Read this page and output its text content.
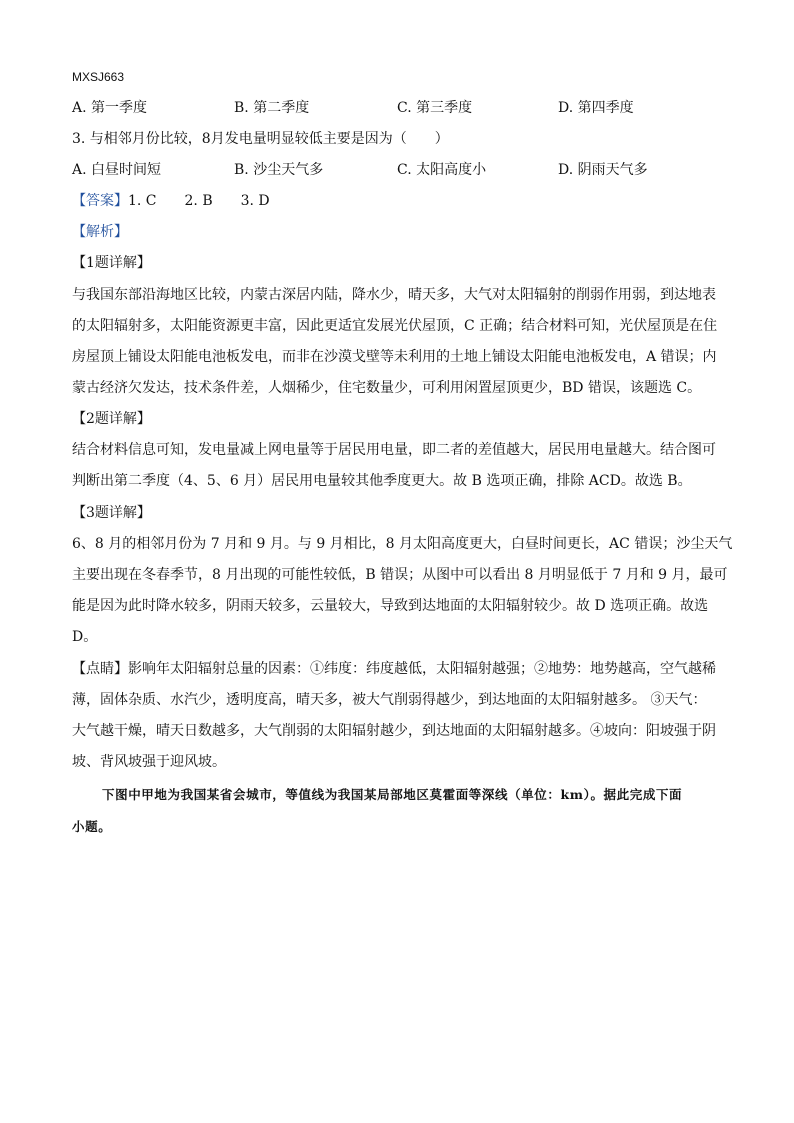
MXSJ663
A. 第一季度	B. 第二季度	C. 第三季度	D. 第四季度
3. 与相邻月份比较，8月发电量明显较低主要是因为（　　）
A. 白昼时间短	B. 沙尘天气多	C. 太阳高度小	D. 阴雨天气多
【答案】1. C　　2. B　　3. D
【解析】
【1题详解】
与我国东部沿海地区比较，内蒙古深居内陆，降水少，晴天多，大气对太阳辐射的削弱作用弱，到达地表
的太阳辐射多，太阳能资源更丰富，因此更适宜发展光伏屋顶，C 正确；结合材料可知，光伏屋顶是在住
房屋顶上铺设太阳能电池板发电，而非在沙漠戈壁等未利用的土地上铺设太阳能电池板发电，A 错误；内
蒙古经济欠发达，技术条件差，人烟稀少，住宅数量少，可利用闲置屋顶更少，BD 错误，该题选 C。
【2题详解】
结合材料信息可知，发电量减上网电量等于居民用电量，即二者的差值越大，居民用电量越大。结合图可
判断出第二季度（4、5、6 月）居民用电量较其他季度更大。故 B 选项正确，排除 ACD。故选 B。
【3题详解】
6、8 月的相邻月份为 7 月和 9 月。与 9 月相比，8 月太阳高度更大，白昼时间更长，AC 错误；沙尘天气
主要出现在冬春季节，8 月出现的可能性较低，B 错误；从图中可以看出 8 月明显低于 7 月和 9 月，最可
能是因为此时降水较多，阴雨天较多，云量较大，导致到达地面的太阳辐射较少。故 D 选项正确。故选
D。
【点睛】影响年太阳辐射总量的因素：①纬度：纬度越低，太阳辐射越强；②地势：地势越高，空气越稀
薄，固体杂质、水汽少，透明度高，晴天多，被大气削弱得越少，到达地面的太阳辐射越多。 ③天气：
大气越干燥，晴天日数越多，大气削弱的太阳辐射越少，到达地面的太阳辐射越多。④坡向：阳坡强于阴
坡、背风坡强于迎风坡。
下图中甲地为我国某省会城市，等值线为我国某局部地区莫霍面等深线（单位：km）。据此完成下面
小题。
